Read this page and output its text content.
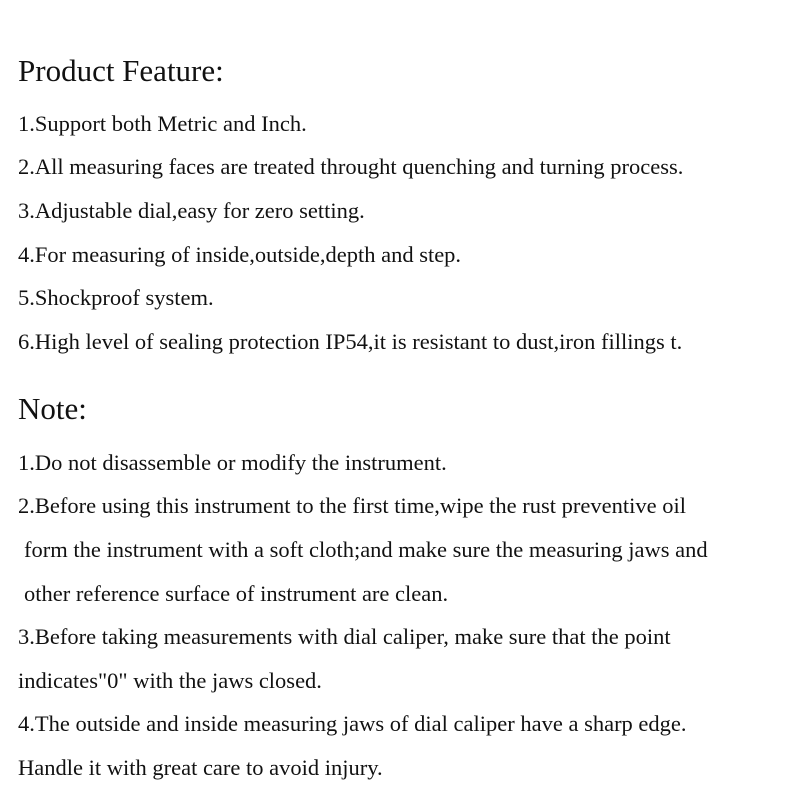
Product Feature:

1.Support both Metric and Inch.

2.All measuring faces are treated throught quenching and turning process.

3.Adjustable dial,easy for zero setting.

4.For measuring of inside,outside,depth and step.

5.Shockproof system.

6.High level of sealing protection IP54,it is resistant to dust,iron fillings t.

Note:

1.Do not disassemble or modify the instrument.

2.Before using this instrument to the first time,wipe the rust preventive oil

form the instrument with a soft cloth;and make sure the measuring jaws and

other reference surface of instrument are clean.

3.Before taking measurements with dial caliper, make sure that the point

indicates"0" with the jaws closed.

4.The outside and inside measuring jaws of dial caliper have a sharp edge.

Handle it with great care to avoid injury.
